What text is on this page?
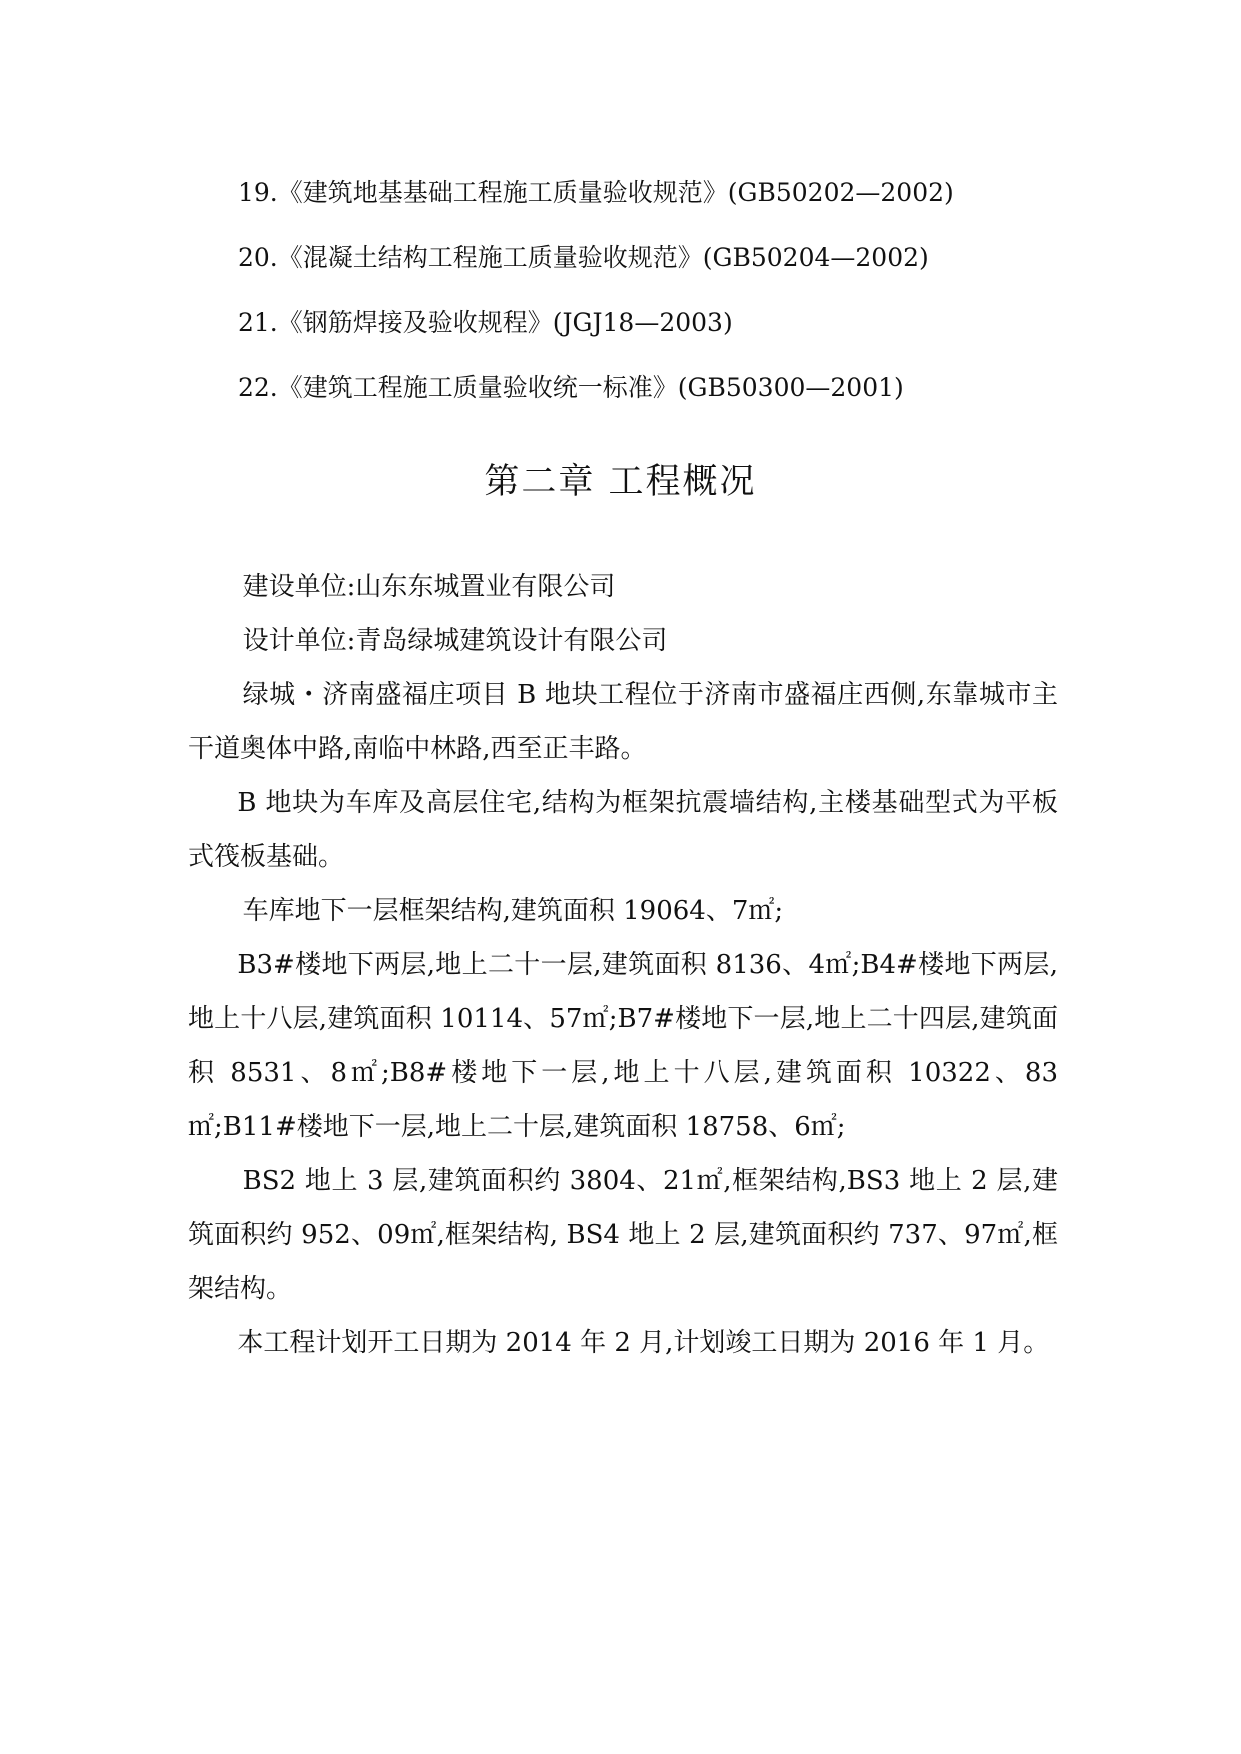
19.《建筑地基基础工程施工质量验收规范》(GB50202—2002)
20.《混凝土结构工程施工质量验收规范》(GB50204—2002)
21.《钢筋焊接及验收规程》(JGJ18—2003)
22.《建筑工程施工质量验收统一标准》(GB50300—2001)
第二章 工程概况

建设单位:山东东城置业有限公司

设计单位:青岛绿城建筑设计有限公司

绿城・济南盛福庄项目 B 地块工程位于济南市盛福庄西侧,东靠城市主干道奥体中路,南临中林路,西至正丰路。

B 地块为车库及高层住宅,结构为框架抗震墙结构,主楼基础型式为平板式筏板基础。

车库地下一层框架结构,建筑面积 19064、7㎡;

B3#楼地下两层,地上二十一层,建筑面积 8136、4㎡;B4#楼地下两层,地上十八层,建筑面积 10114、57㎡;B7#楼地下一层,地上二十四层,建筑面积 8531、8㎡;B8#楼地下一层,地上十八层,建筑面积 10322、83㎡;B11#楼地下一层,地上二十层,建筑面积 18758、6㎡;

BS2 地上 3 层,建筑面积约 3804、21㎡,框架结构,BS3 地上 2 层,建筑面积约 952、09㎡,框架结构, BS4 地上 2 层,建筑面积约 737、97㎡,框架结构。

本工程计划开工日期为 2014 年 2 月,计划竣工日期为 2016 年 1 月。
